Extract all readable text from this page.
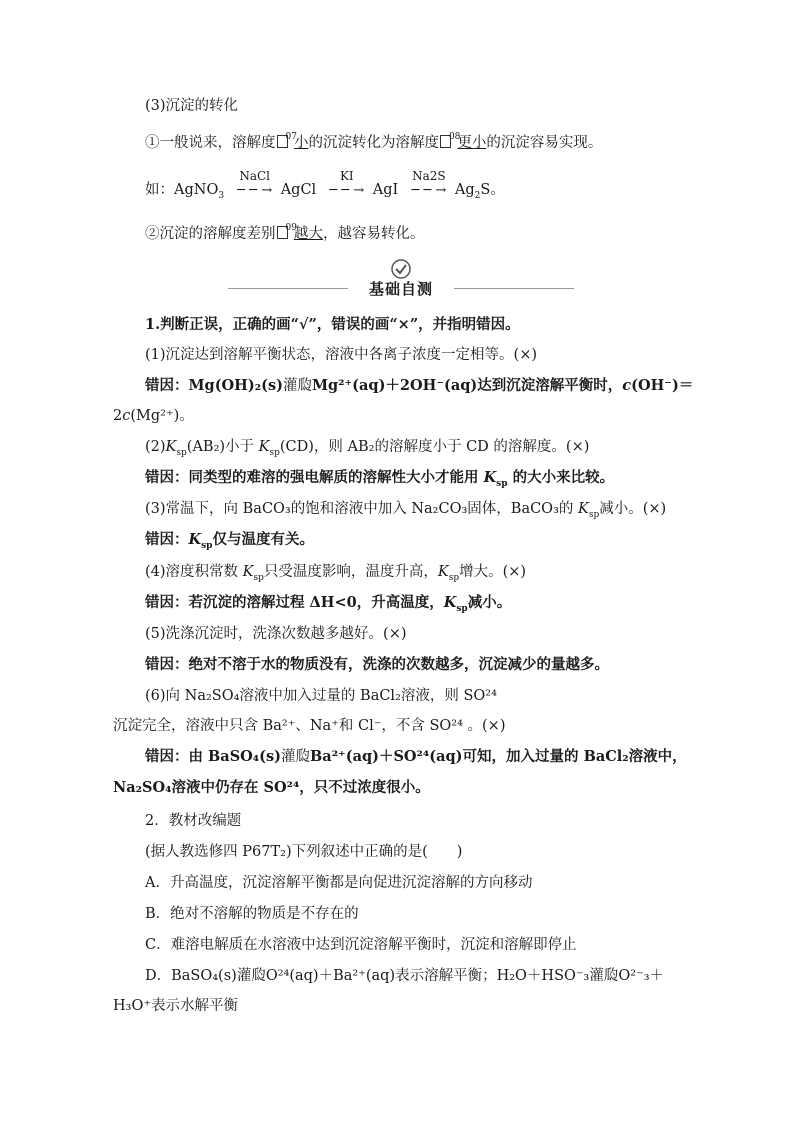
(3)沉淀的转化
①一般说来，溶解度 $^{07}$小的沉淀转化为溶解度 $^{08}$更小的沉淀容易实现。
如：AgNO$_3$
NaCl
─ ─ → AgCl
KI
─ ─ → AgI
Na2S
─ ─ → $Ag_2S$。
②沉淀的溶解度差别 $^{09}$越大，越容易转化。
基础自测
1.判断正误，正确的画“√”，错误的画“×”，并指明错因。
(1)沉淀达到溶解平衡状态，溶液中各离子浓度一定相等。(×)
错因：Mg(OH)₂(s)灌瓝Mg²⁺(aq)＋2OH⁻(aq)达到沉淀溶解平衡时，c(OH⁻)＝
2c(Mg²⁺)。
$(2)K_{sp}(AB_2)$小于 $K_{sp}(CD)$，则 AB₂的溶解度小于 CD 的溶解度。(×)
错因：同类型的难溶的强电解质的溶解性大小才能用 $K_{sp}$ 的大小来比较。
(3)常温下，向 BaCO₃的饱和溶液中加入 Na₂CO₃固体，BaCO₃的 $K_{sp}$减小。(×)
错因：$K_{sp}$仅与温度有关。
(4)溶度积常数 $K_{sp}$只受温度影响，温度升高，$K_{sp}$增大。(×)
错因：若沉淀的溶解过程 ΔH<0，升高温度，$K_{sp}$减小。
(5)洗涤沉淀时，洗涤次数越多越好。(×)
错因：绝对不溶于水的物质没有，洗涤的次数越多，沉淀减少的量越多。
(6)向 Na₂SO₄溶液中加入过量的 BaCl₂溶液，则 SO²⁴
沉淀完全，溶液中只含 Ba²⁺、Na⁺和 Cl⁻，不含 SO²⁴ 。(×)
错因：由 BaSO₄(s)灌瓝Ba²⁺(aq)＋SO²⁴(aq)可知，加入过量的 BaCl₂溶液中，
Na₂SO₄溶液中仍存在 SO²⁴，只不过浓度很小。
2．教材改编题
(据人教选修四 P67T₂)下列叙述中正确的是(　　)
A．升高温度，沉淀溶解平衡都是向促进沉淀溶解的方向移动
B．绝对不溶解的物质是不存在的
C．难溶电解质在水溶液中达到沉淀溶解平衡时，沉淀和溶解即停止
D．BaSO₄(s)灌瓝O²⁴(aq)＋Ba²⁺(aq)表示溶解平衡；H₂O＋HSO⁻₃灌瓝O²⁻₃＋
H₃O⁺表示水解平衡
